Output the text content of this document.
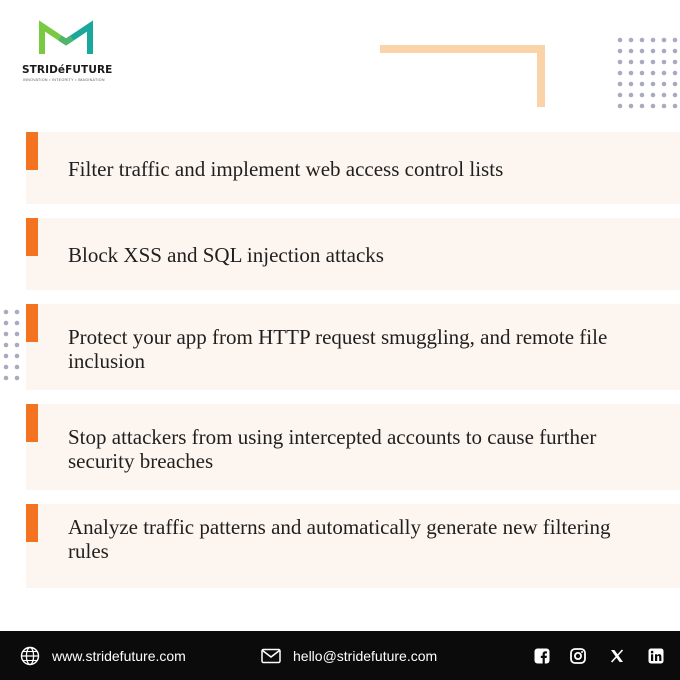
STRIDéFUTURE
INNOVATION • INTEGRITY • IMAGINATION
Filter traffic and implement web access control lists
Block XSS and SQL injection attacks
Protect your app from HTTP request smuggling, and remote file inclusion
Stop attackers from using intercepted accounts to cause further security breaches
Analyze traffic patterns and automatically generate new filtering rules
www.stridefuture.com	hello@stridefuture.com
